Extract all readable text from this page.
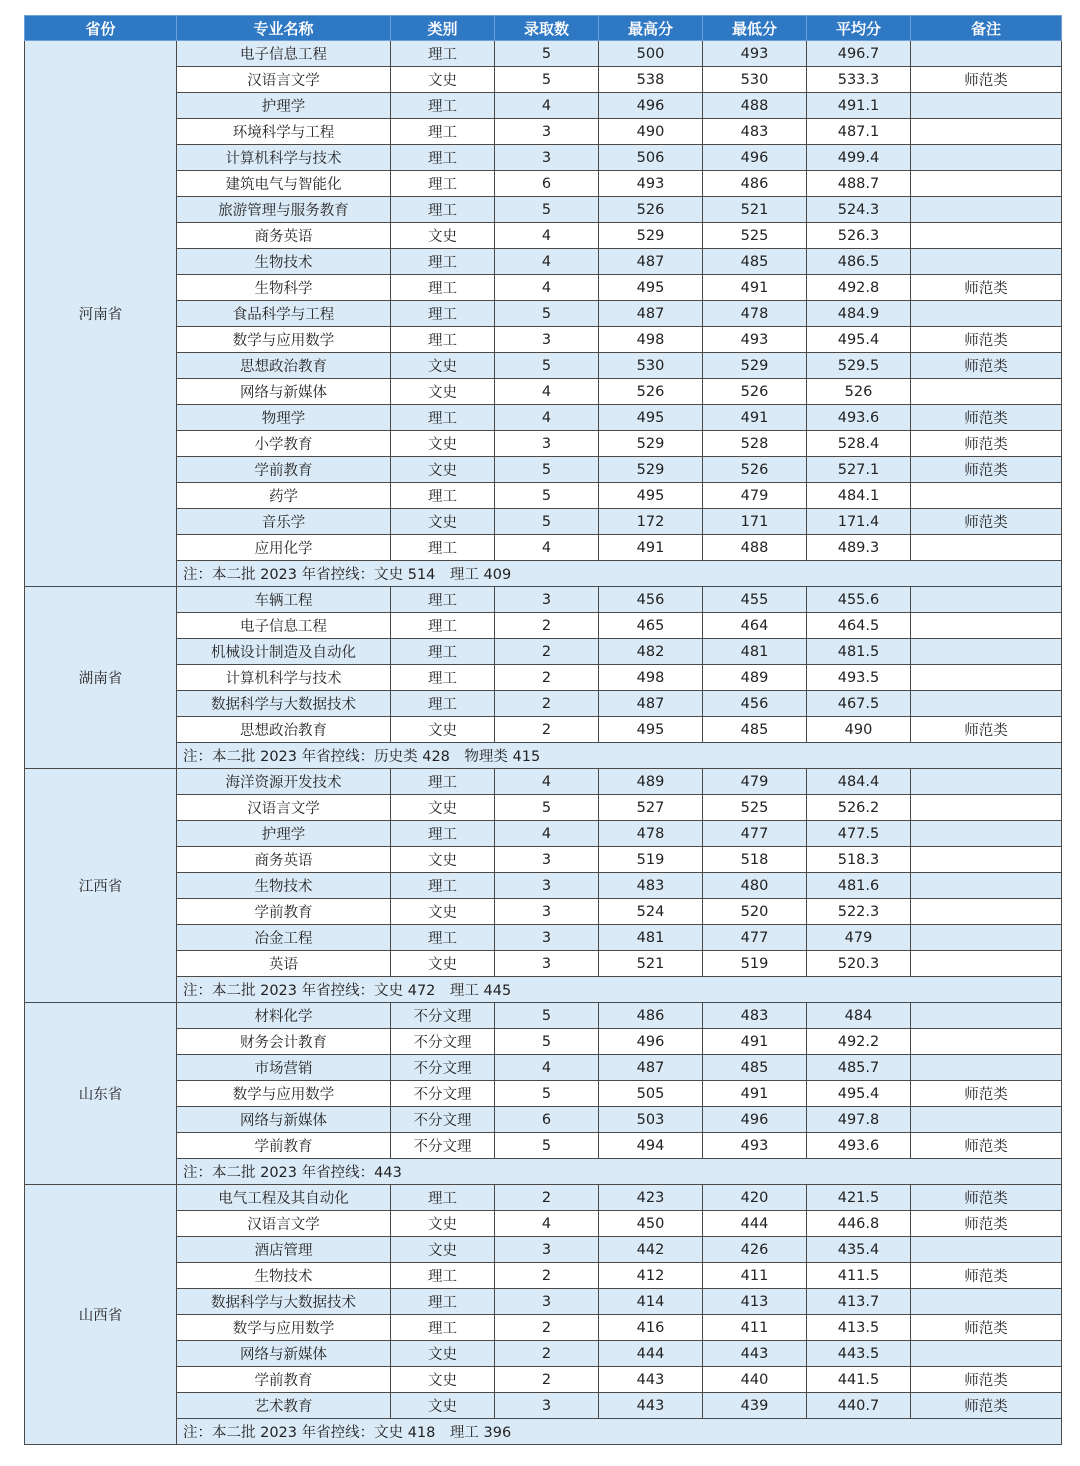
省份	专业名称	类别	录取数	最高分	最低分	平均分	备注
河南省	电子信息工程	理工	5	500	493	496.7	
	汉语言文学	文史	5	538	530	533.3	师范类
	护理学	理工	4	496	488	491.1	
	环境科学与工程	理工	3	490	483	487.1	
	计算机科学与技术	理工	3	506	496	499.4	
	建筑电气与智能化	理工	6	493	486	488.7	
	旅游管理与服务教育	理工	5	526	521	524.3	
	商务英语	文史	4	529	525	526.3	
	生物技术	理工	4	487	485	486.5	
	生物科学	理工	4	495	491	492.8	师范类
	食品科学与工程	理工	5	487	478	484.9	
	数学与应用数学	理工	3	498	493	495.4	师范类
	思想政治教育	文史	5	530	529	529.5	师范类
	网络与新媒体	文史	4	526	526	526	
	物理学	理工	4	495	491	493.6	师范类
	小学教育	文史	3	529	528	528.4	师范类
	学前教育	文史	5	529	526	527.1	师范类
	药学	理工	5	495	479	484.1	
	音乐学	文史	5	172	171	171.4	师范类
	应用化学	理工	4	491	488	489.3	
	注：本二批 2023 年省控线：文史 514　理工 409						
湖南省	车辆工程	理工	3	456	455	455.6	
	电子信息工程	理工	2	465	464	464.5	
	机械设计制造及自动化	理工	2	482	481	481.5	
	计算机科学与技术	理工	2	498	489	493.5	
	数据科学与大数据技术	理工	2	487	456	467.5	
	思想政治教育	文史	2	495	485	490	师范类
	注：本二批 2023 年省控线：历史类 428　物理类 415						
江西省	海洋资源开发技术	理工	4	489	479	484.4	
	汉语言文学	文史	5	527	525	526.2	
	护理学	理工	4	478	477	477.5	
	商务英语	文史	3	519	518	518.3	
	生物技术	理工	3	483	480	481.6	
	学前教育	文史	3	524	520	522.3	
	冶金工程	理工	3	481	477	479	
	英语	文史	3	521	519	520.3	
	注：本二批 2023 年省控线：文史 472　理工 445						
山东省	材料化学	不分文理	5	486	483	484	
	财务会计教育	不分文理	5	496	491	492.2	
	市场营销	不分文理	4	487	485	485.7	
	数学与应用数学	不分文理	5	505	491	495.4	师范类
	网络与新媒体	不分文理	6	503	496	497.8	
	学前教育	不分文理	5	494	493	493.6	师范类
	注：本二批 2023 年省控线：443						
山西省	电气工程及其自动化	理工	2	423	420	421.5	师范类
	汉语言文学	文史	4	450	444	446.8	师范类
	酒店管理	文史	3	442	426	435.4	
	生物技术	理工	2	412	411	411.5	师范类
	数据科学与大数据技术	理工	3	414	413	413.7	
	数学与应用数学	理工	2	416	411	413.5	师范类
	网络与新媒体	文史	2	444	443	443.5	
	学前教育	文史	2	443	440	441.5	师范类
	艺术教育	文史	3	443	439	440.7	师范类
	注：本二批 2023 年省控线：文史 418　理工 396						
